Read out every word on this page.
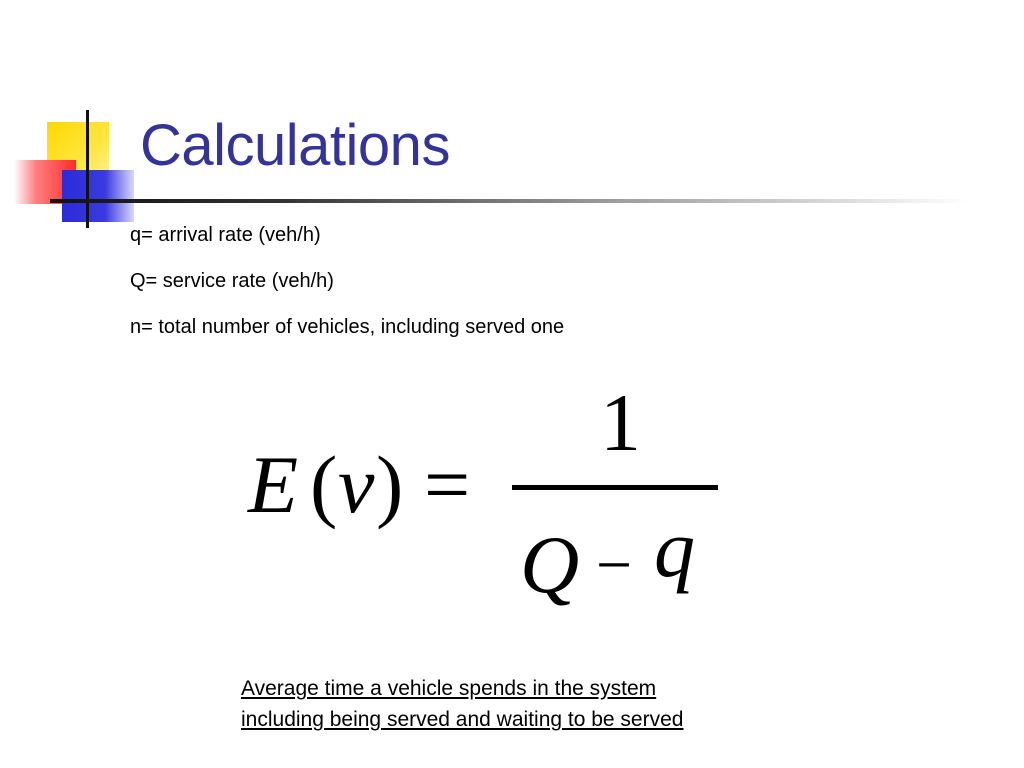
Calculations
q= arrival rate (veh/h)
Q= service rate (veh/h)
n= total number of vehicles, including served one
E ( v ) =
1
Q − q
Average time a vehicle spends in the system
including being served and waiting to be served
